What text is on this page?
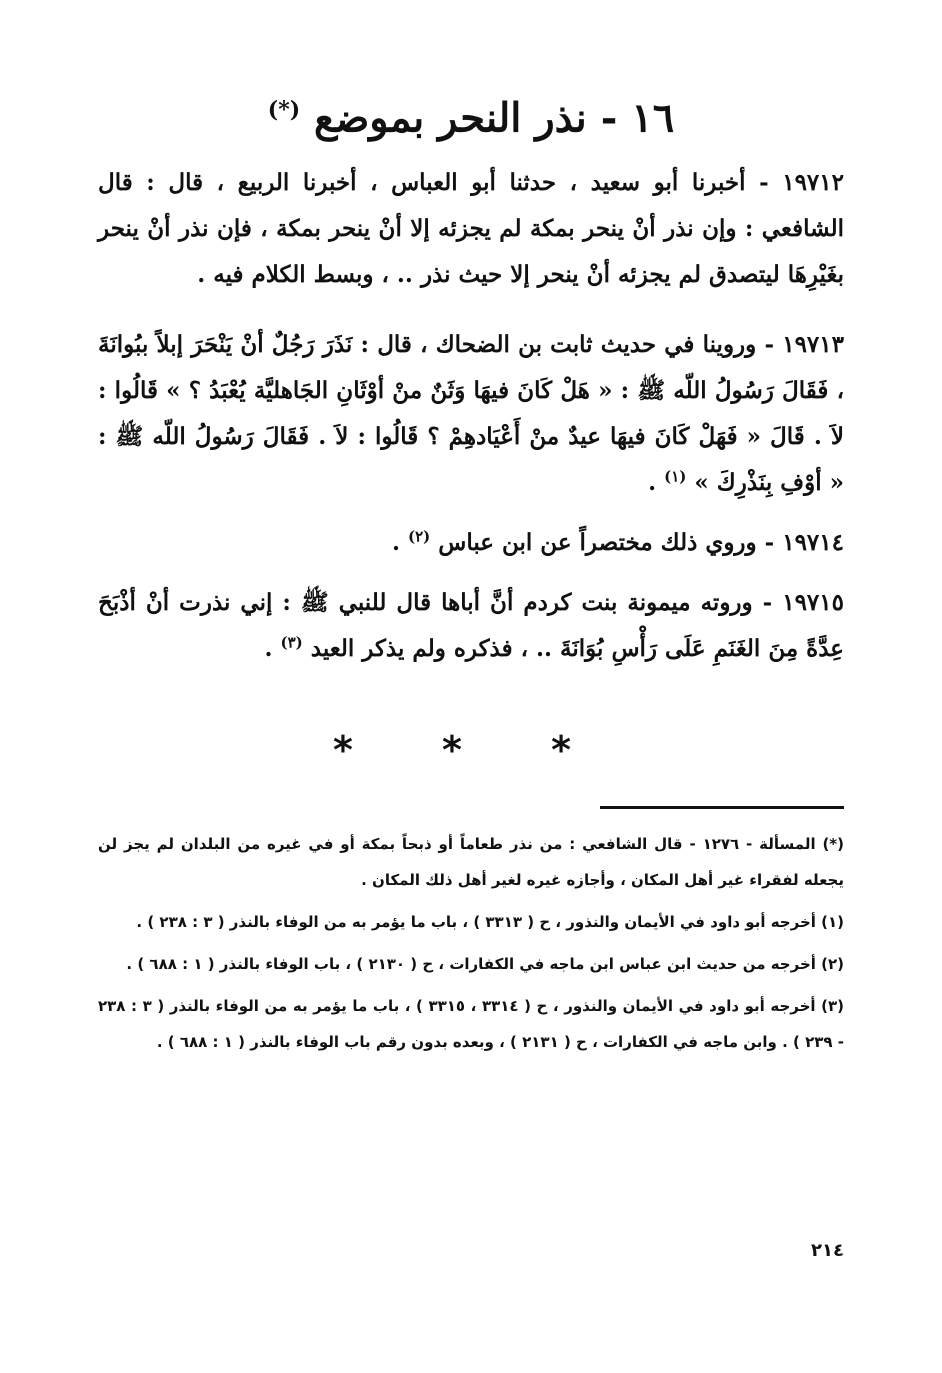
١٦ - نذر النحر بموضع (*)

١٩٧١٢ - أخبرنا أبو سعيد ، حدثنا أبو العباس ، أخبرنا الربيع ، قال : قال الشافعي : وإن نذر أنْ ينحر بمكة لم يجزئه إلا أنْ ينحر بمكة ، فإن نذر أنْ ينحر بغَيْرِهَا ليتصدق لم يجزئه أنْ ينحر إلا حيث نذر .. ، وبسط الكلام فيه .

١٩٧١٣ - وروينا في حديث ثابت بن الضحاك ، قال : نَذَرَ رَجُلٌ أنْ يَنْحَرَ إبلاً ببُوانَةَ ، فَقَالَ رَسُولُ اللّه ﷺ : « هَلْ كَانَ فيهَا وَثَنٌ منْ أوْثَانِ الجَاهليَّة يُعْبَدُ ؟ » قَالُوا : لاَ . قَالَ « فَهَلْ كَانَ فيهَا عيدٌ منْ أَعْيَادهِمْ ؟ قَالُوا : لاَ . فَقَالَ رَسُولُ اللّه ﷺ : « أوْفِ بِنَذْرِكَ » $^{(١)}$ .

١٩٧١٤ - وروي ذلك مختصراً عن ابن عباس $^{(٢)}$ .

١٩٧١٥ - وروته ميمونة بنت كردم أنَّ أباها قال للنبي ﷺ : إني نذرت أنْ أذْبَحَ عِدَّةً مِنَ الغَنَمِ عَلَى رَأْسِ بُوَانَةَ .. ، فذكره ولم يذكر العيد $^{(٣)}$ .

* * *

(*) المسألة - ١٢٧٦ - قال الشافعي : من نذر طعاماً أو ذبحاً بمكة أو في غيره من البلدان لم يجز لن يجعله لفقراء غير أهل المكان ، وأجازه غيره لغير أهل ذلك المكان .

(١) أخرجه أبو داود في الأيمان والنذور ، ح ( ٣٣١٣ ) ، باب ما يؤمر به من الوفاء بالنذر ( ٣ : ٢٣٨ ) .

(٢) أخرجه من حديث ابن عباس ابن ماجه في الكفارات ، ح ( ٢١٣٠ ) ، باب الوفاء بالنذر ( ١ : ٦٨٨ ) .

(٣) أخرجه أبو داود في الأيمان والنذور ، ح ( ٣٣١٤ ، ٣٣١٥ ) ، باب ما يؤمر به من الوفاء بالنذر ( ٣ : ٢٣٨ - ٢٣٩ ) . وابن ماجه في الكفارات ، ح ( ٢١٣١ ) ، وبعده بدون رقم باب الوفاء بالنذر ( ١ : ٦٨٨ ) .

٢١٤
